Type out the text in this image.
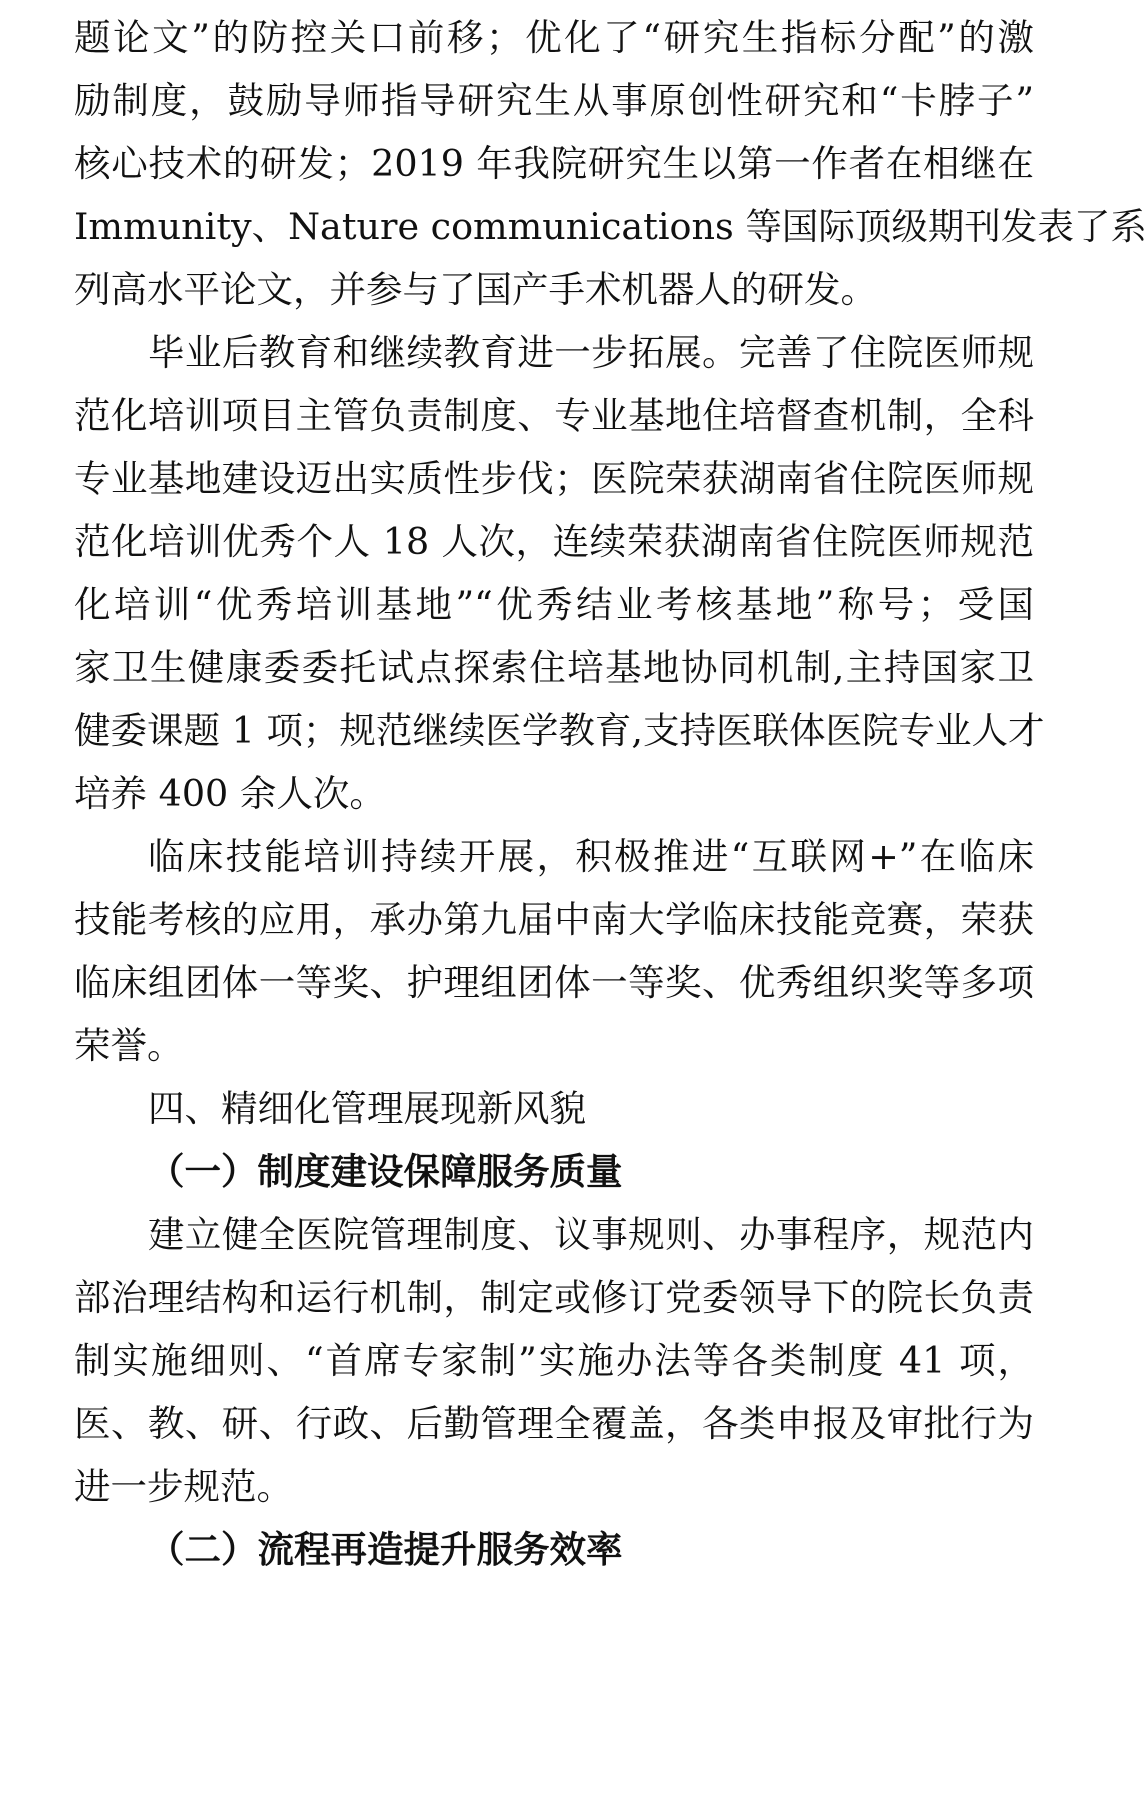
题论文”的防控关口前移；优化了“研究生指标分配”的激
励制度，鼓励导师指导研究生从事原创性研究和“卡脖子”
核心技术的研发；2019 年我院研究生以第一作者在相继在
Immunity、Nature communications 等国际顶级期刊发表了系
列高水平论文，并参与了国产手术机器人的研发。
毕业后教育和继续教育进一步拓展。完善了住院医师规
范化培训项目主管负责制度、专业基地住培督查机制，全科
专业基地建设迈出实质性步伐；医院荣获湖南省住院医师规
范化培训优秀个人 18 人次，连续荣获湖南省住院医师规范
化培训“优秀培训基地”“优秀结业考核基地”称号；受国
家卫生健康委委托试点探索住培基地协同机制,主持国家卫
健委课题 1 项；规范继续医学教育,支持医联体医院专业人才
培养 400 余人次。
临床技能培训持续开展，积极推进“互联网+”在临床
技能考核的应用，承办第九届中南大学临床技能竞赛，荣获
临床组团体一等奖、护理组团体一等奖、优秀组织奖等多项
荣誉。
四、精细化管理展现新风貌
（一）制度建设保障服务质量
建立健全医院管理制度、议事规则、办事程序，规范内
部治理结构和运行机制，制定或修订党委领导下的院长负责
制实施细则、“首席专家制”实施办法等各类制度 41 项，
医、教、研、行政、后勤管理全覆盖，各类申报及审批行为
进一步规范。
（二）流程再造提升服务效率
